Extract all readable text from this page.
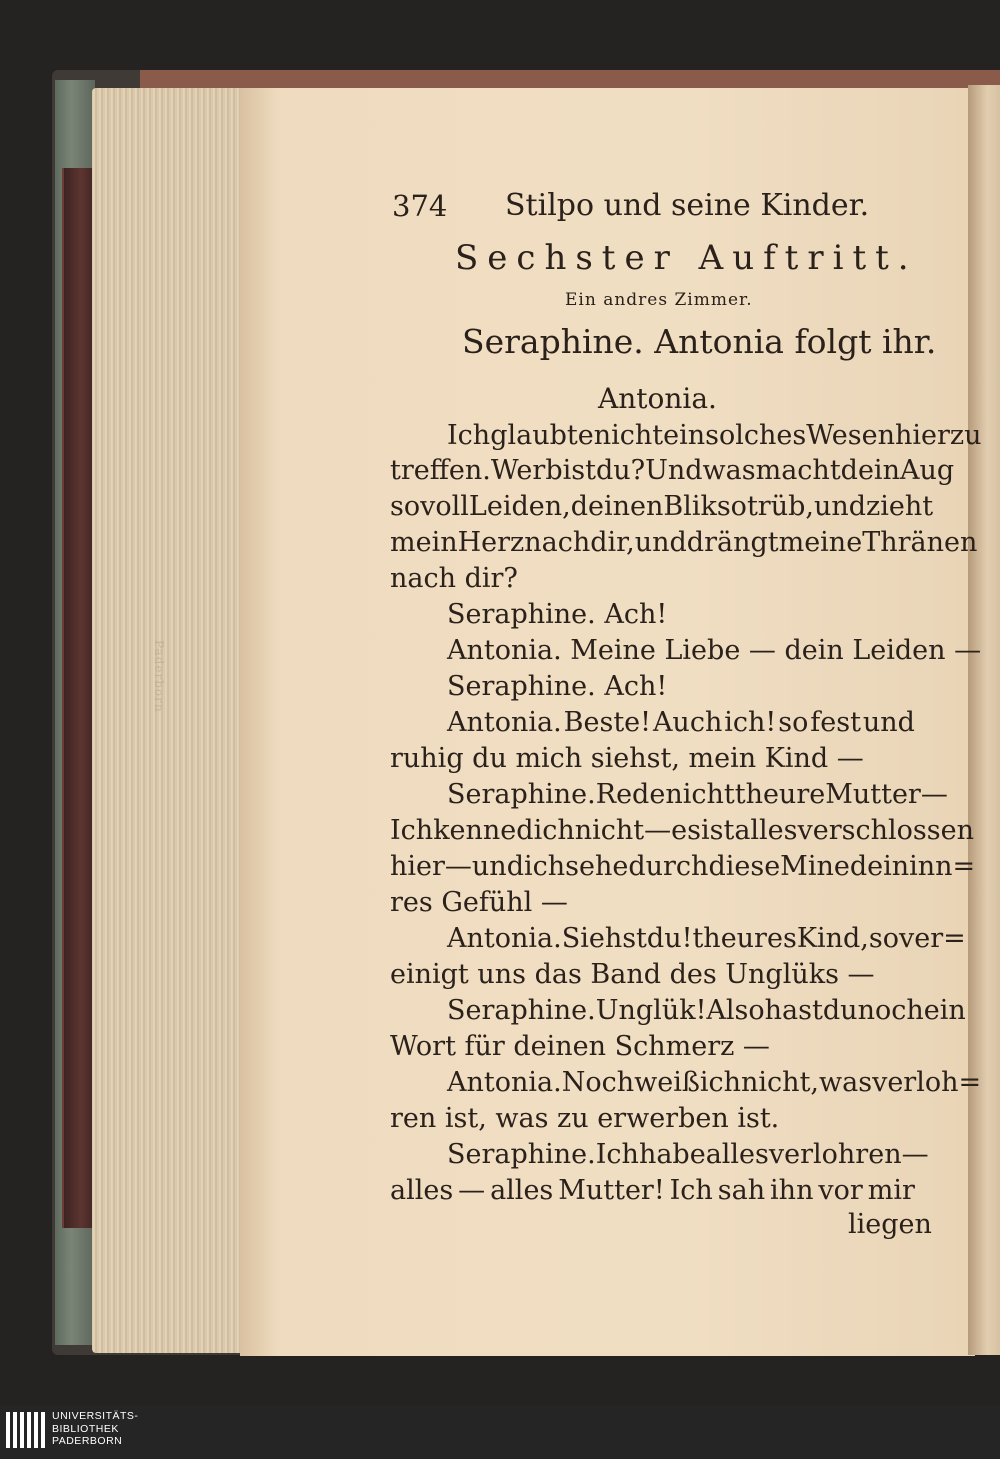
Paderborn
374 Stilpo und seine Kinder.
Sechster Auftritt.
Ein andres Zimmer.
Seraphine. Antonia folgt ihr.
Antonia.
Ich glaubte nicht ein solches Wesen hier zu
treffen. Wer bist du? Und was macht dein Aug
so voll Leiden, deinen Blik so trüb, und zieht
mein Herz nach dir, und drängt meine Thränen
nach dir?
Seraphine. Ach!
Antonia. Meine Liebe — dein Leiden —
Seraphine. Ach!
Antonia. Beste! Auch ich! so fest und
ruhig du mich siehst, mein Kind —
Seraphine. Rede nicht theure Mutter —
Ich kenne dich nicht — es ist alles verschlossen
hier — und ich sehe durch diese Mine dein inn=
res Gefühl —
Antonia. Siehst du! theures Kind, so ver=
einigt uns das Band des Unglüks —
Seraphine. Unglük! Also hast du noch ein
Wort für deinen Schmerz —
Antonia. Noch weiß ich nicht, was verloh=
ren ist, was zu erwerben ist.
Seraphine. Ich habe alles verlohren —
alles — alles Mutter! Ich sah ihn vor mir
liegen
UNIVERSITÄTS-
BIBLIOTHEK
PADERBORN
